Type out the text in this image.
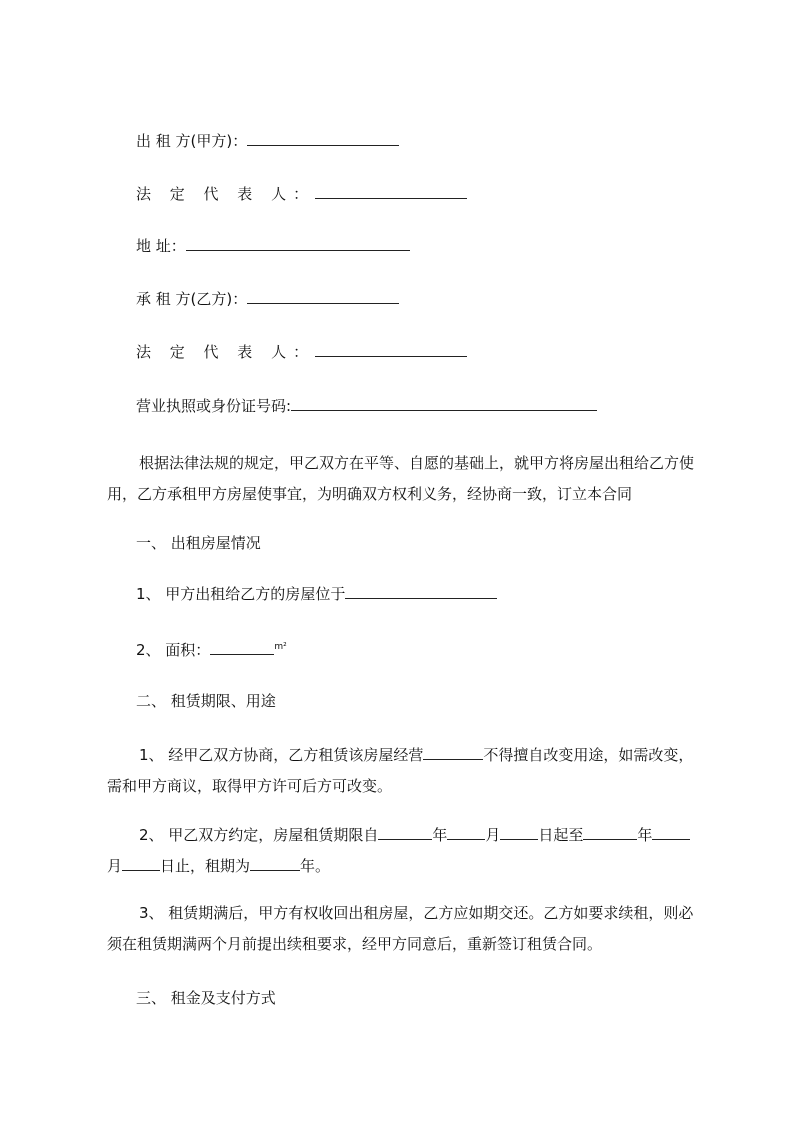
出 租 方(甲方)：
法 定 代 表 人：
地 址：
承 租 方(乙方)：
法 定 代 表 人：
营业执照或身份证号码:
根据法律法规的规定，甲乙双方在平等、自愿的基础上，就甲方将房屋出租给乙方使用，乙方承租甲方房屋使事宜，为明确双方权利义务，经协商一致，订立本合同
一、 出租房屋情况
1、 甲方出租给乙方的房屋位于
2、 面积：	$^{m^2}$
二、 租赁期限、用途
1、 经甲乙双方协商，乙方租赁该房屋经营	不得擅自改变用途，如需改变，需和甲方商议，取得甲方许可后方可改变。
2、 甲乙双方约定，房屋租赁期限自	年	月	日起至	年月	日止，租期为	年。
3、 租赁期满后，甲方有权收回出租房屋，乙方应如期交还。乙方如要求续租，则必须在租赁期满两个月前提出续租要求，经甲方同意后，重新签订租赁合同。
三、 租金及支付方式
